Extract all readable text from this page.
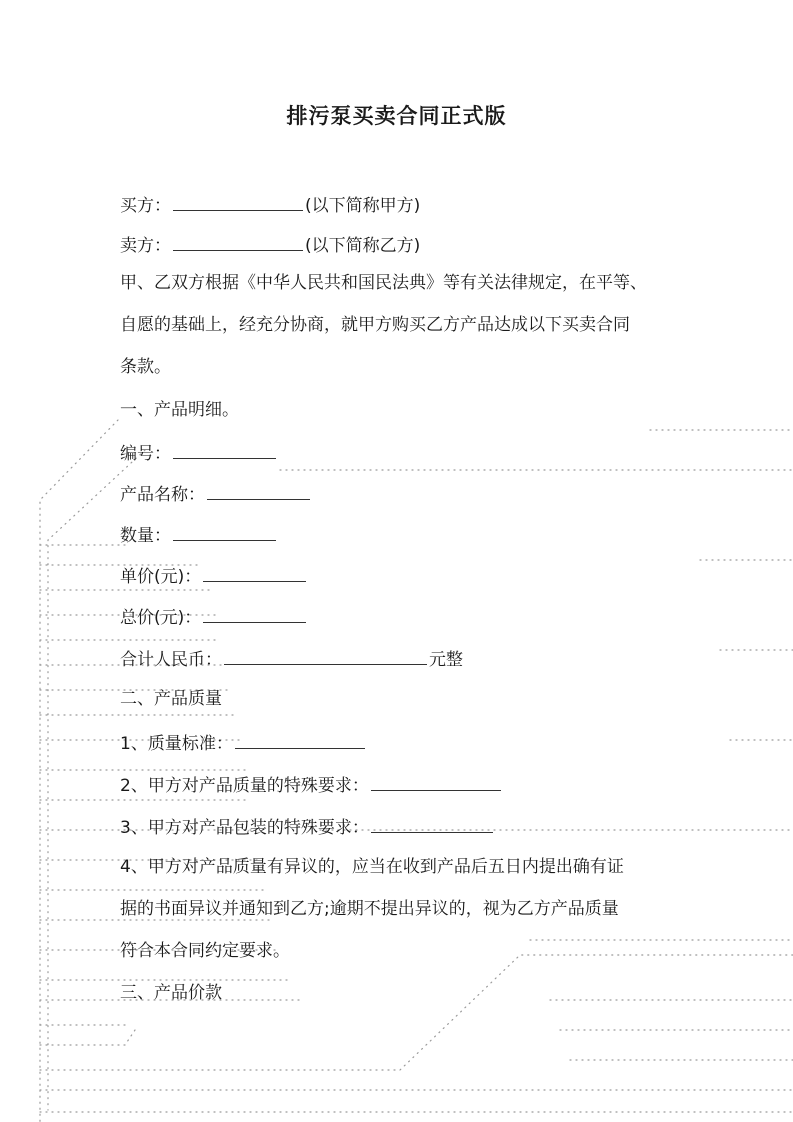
排污泵买卖合同正式版
买方：	(以下简称甲方)
卖方：	(以下简称乙方)
甲、乙双方根据《中华人民共和国民法典》等有关法律规定，在平等、
自愿的基础上，经充分协商，就甲方购买乙方产品达成以下买卖合同
条款。
一、产品明细。
编号：
产品名称：
数量：
单价(元)：
总价(元)：
合计人民币：	元整
二、产品质量
1、质量标准：
2、甲方对产品质量的特殊要求：
3、甲方对产品包装的特殊要求：
4、甲方对产品质量有异议的，应当在收到产品后五日内提出确有证
据的书面异议并通知到乙方;逾期不提出异议的，视为乙方产品质量
符合本合同约定要求。
三、产品价款
